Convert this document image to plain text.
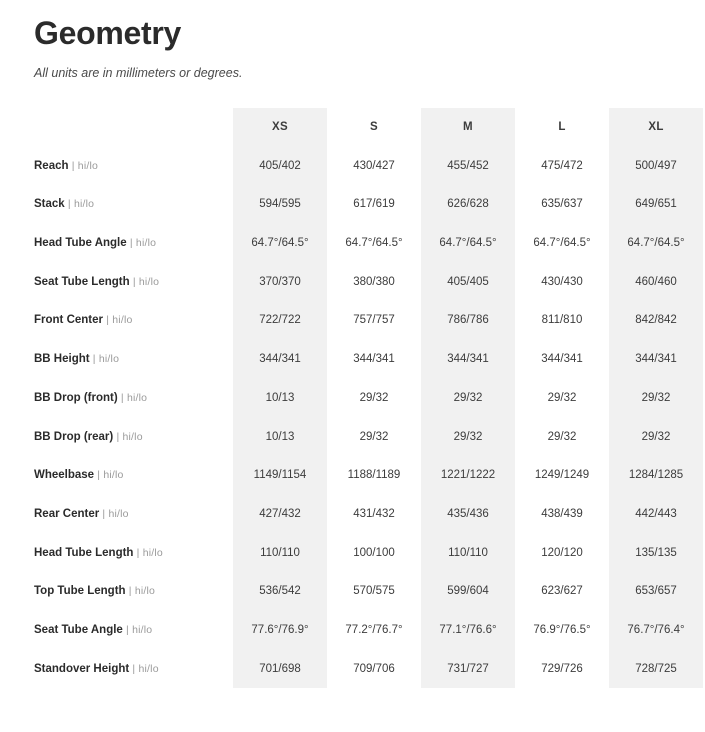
Geometry

All units are in millimeters or degrees.

	XS	S	M	L	XL
Reach | hi/lo	405/402	430/427	455/452	475/472	500/497
Stack | hi/lo	594/595	617/619	626/628	635/637	649/651
Head Tube Angle | hi/lo	64.7°/64.5°	64.7°/64.5°	64.7°/64.5°	64.7°/64.5°	64.7°/64.5°
Seat Tube Length | hi/lo	370/370	380/380	405/405	430/430	460/460
Front Center | hi/lo	722/722	757/757	786/786	811/810	842/842
BB Height | hi/lo	344/341	344/341	344/341	344/341	344/341
BB Drop (front) | hi/lo	10/13	29/32	29/32	29/32	29/32
BB Drop (rear) | hi/lo	10/13	29/32	29/32	29/32	29/32
Wheelbase | hi/lo	1149/1154	1188/1189	1221/1222	1249/1249	1284/1285
Rear Center | hi/lo	427/432	431/432	435/436	438/439	442/443
Head Tube Length | hi/lo	110/110	100/100	110/110	120/120	135/135
Top Tube Length | hi/lo	536/542	570/575	599/604	623/627	653/657
Seat Tube Angle | hi/lo	77.6°/76.9°	77.2°/76.7°	77.1°/76.6°	76.9°/76.5°	76.7°/76.4°
Standover Height | hi/lo	701/698	709/706	731/727	729/726	728/725
